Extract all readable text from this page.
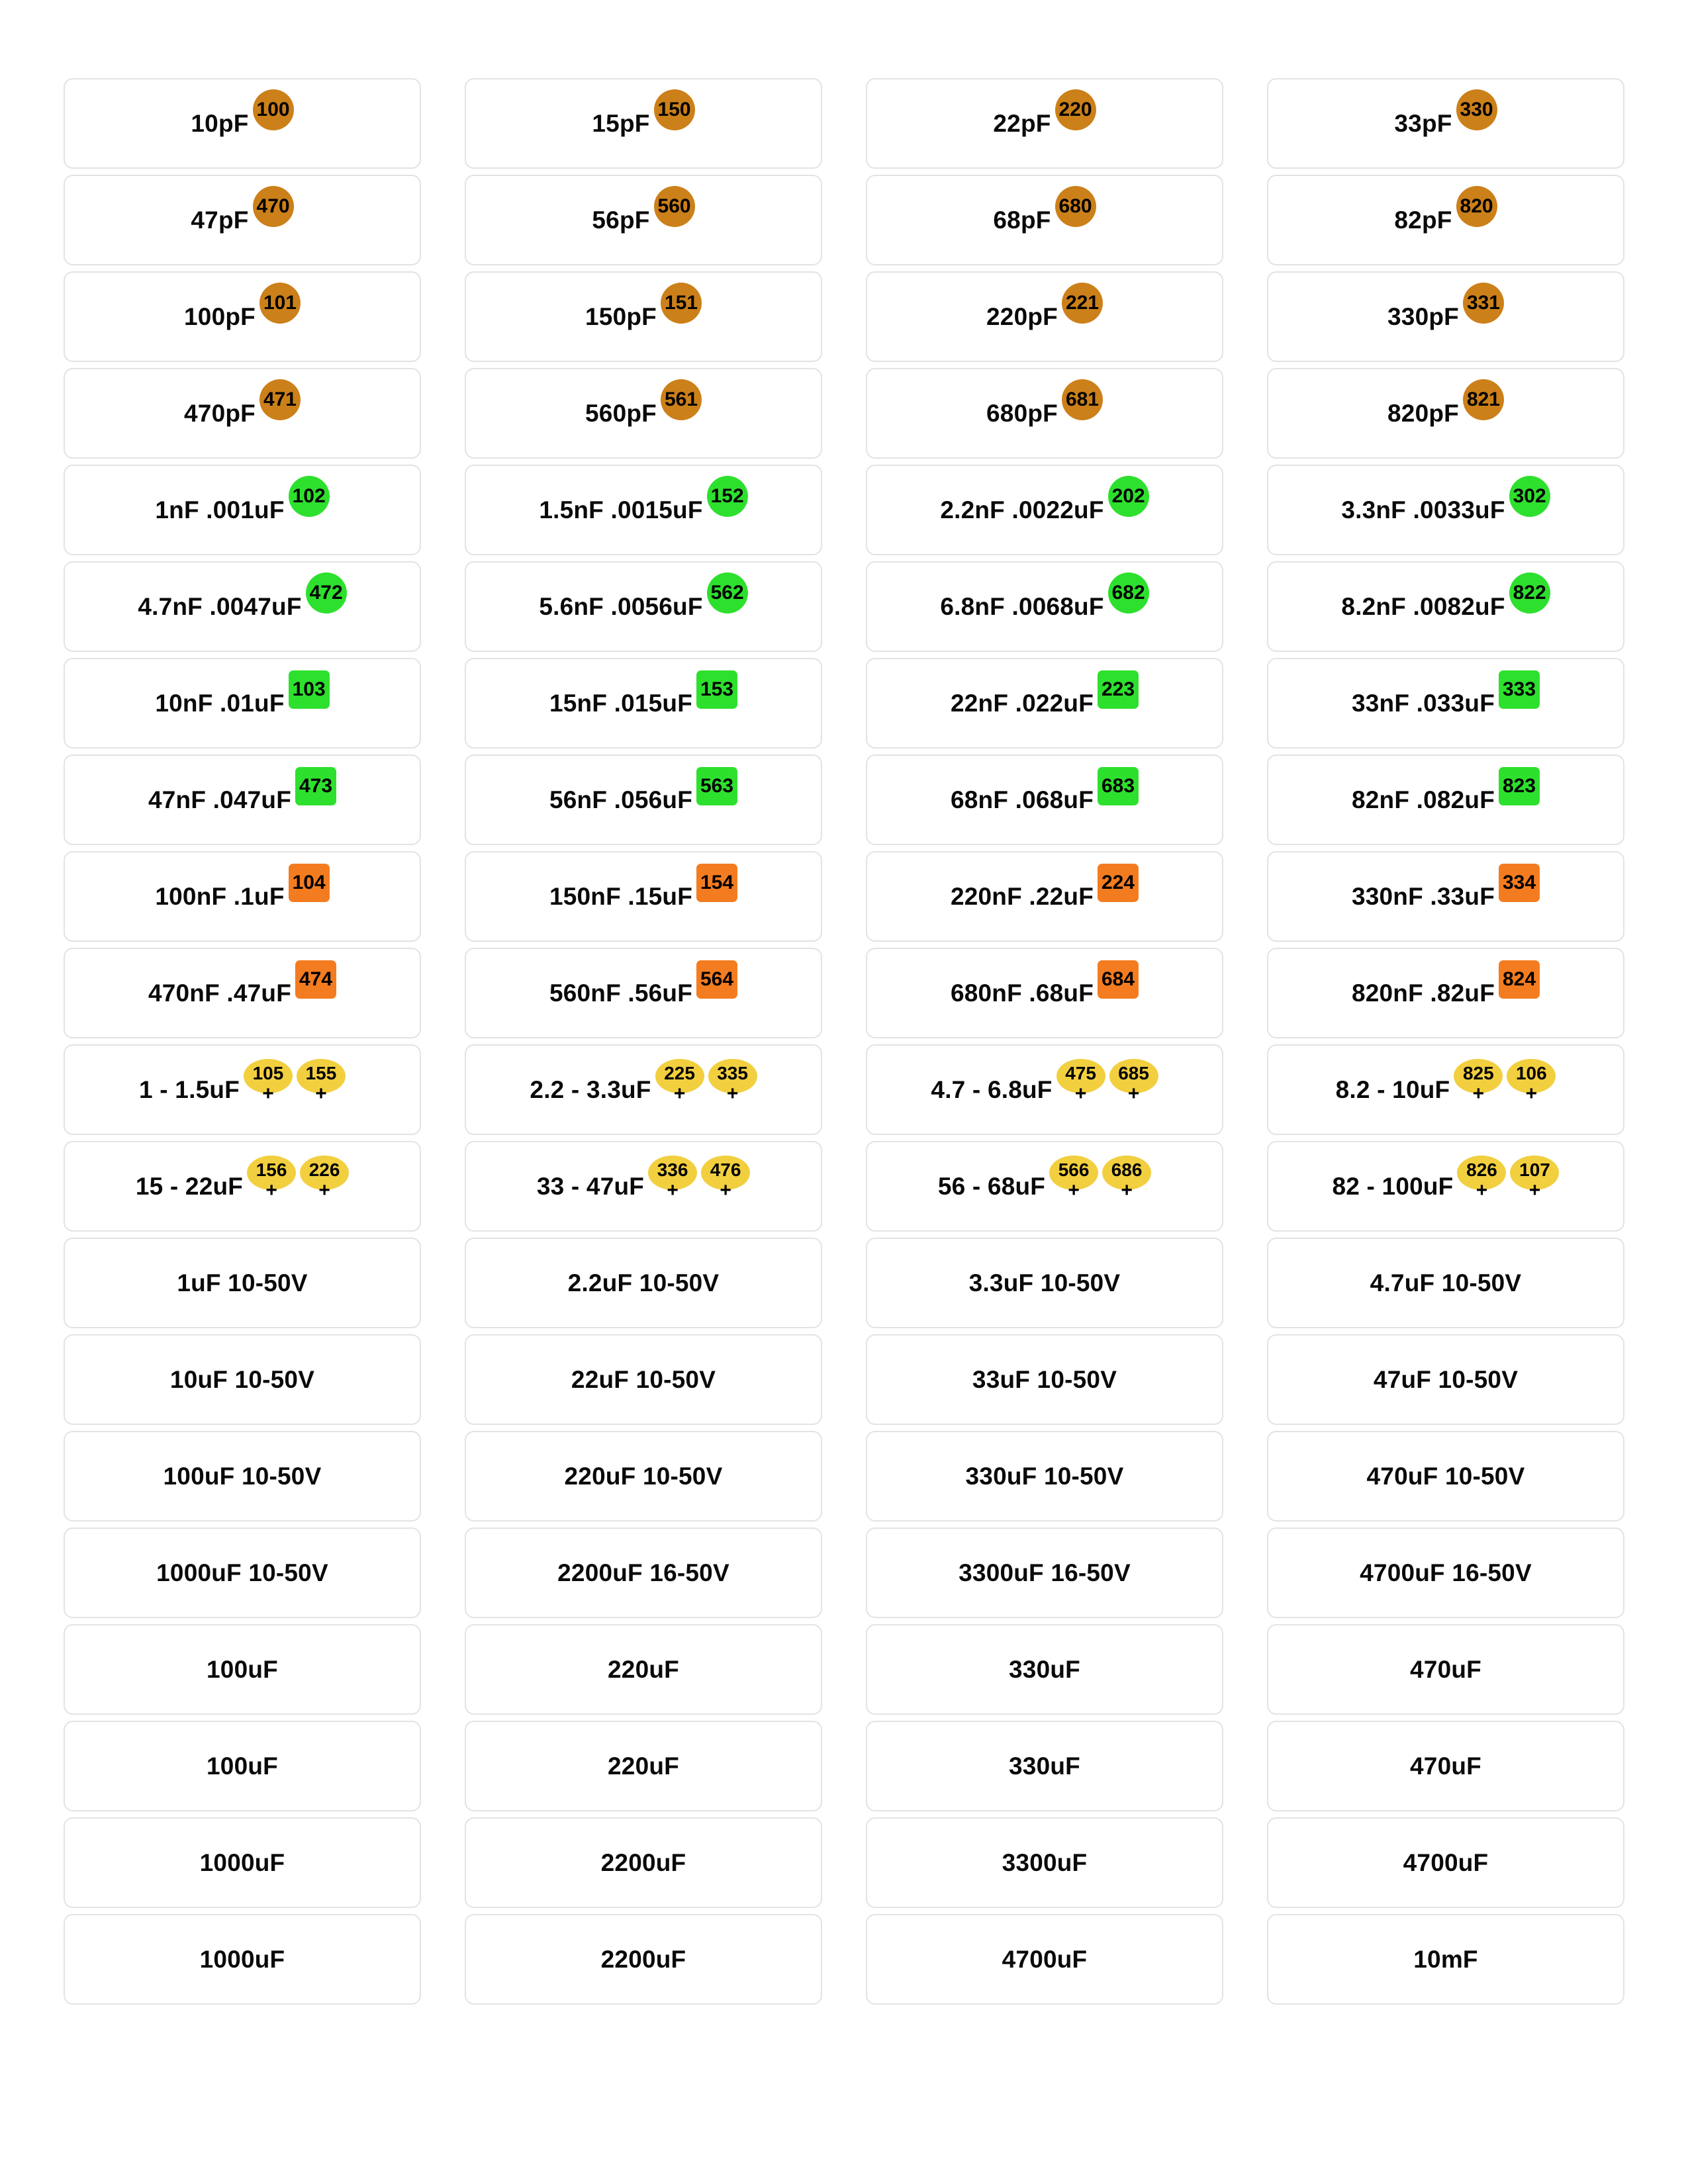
10pF
100
47pF
470
100pF
101
470pF
471
1nF .001uF
102
4.7nF .0047uF
472
10nF .01uF
103
47nF .047uF
473
100nF .1uF
104
470nF .47uF
474
1 - 1.5uF
105
+
155
+
15 - 22uF
156
+
226
+
1uF 10-50V
10uF 10-50V
100uF 10-50V
1000uF 10-50V
100uF
100uF
1000uF
1000uF
15pF
150
56pF
560
150pF
151
560pF
561
1.5nF .0015uF
152
5.6nF .0056uF
562
15nF .015uF
153
56nF .056uF
563
150nF .15uF
154
560nF .56uF
564
2.2 - 3.3uF
225
+
335
+
33 - 47uF
336
+
476
+
2.2uF 10-50V
22uF 10-50V
220uF 10-50V
2200uF 16-50V
220uF
220uF
2200uF
2200uF
22pF
220
68pF
680
220pF
221
680pF
681
2.2nF .0022uF
202
6.8nF .0068uF
682
22nF .022uF
223
68nF .068uF
683
220nF .22uF
224
680nF .68uF
684
4.7 - 6.8uF
475
+
685
+
56 - 68uF
566
+
686
+
3.3uF 10-50V
33uF 10-50V
330uF 10-50V
3300uF 16-50V
330uF
330uF
3300uF
4700uF
33pF
330
82pF
820
330pF
331
820pF
821
3.3nF .0033uF
302
8.2nF .0082uF
822
33nF .033uF
333
82nF .082uF
823
330nF .33uF
334
820nF .82uF
824
8.2 - 10uF
825
+
106
+
82 - 100uF
826
+
107
+
4.7uF 10-50V
47uF 10-50V
470uF 10-50V
4700uF 16-50V
470uF
470uF
4700uF
10mF
